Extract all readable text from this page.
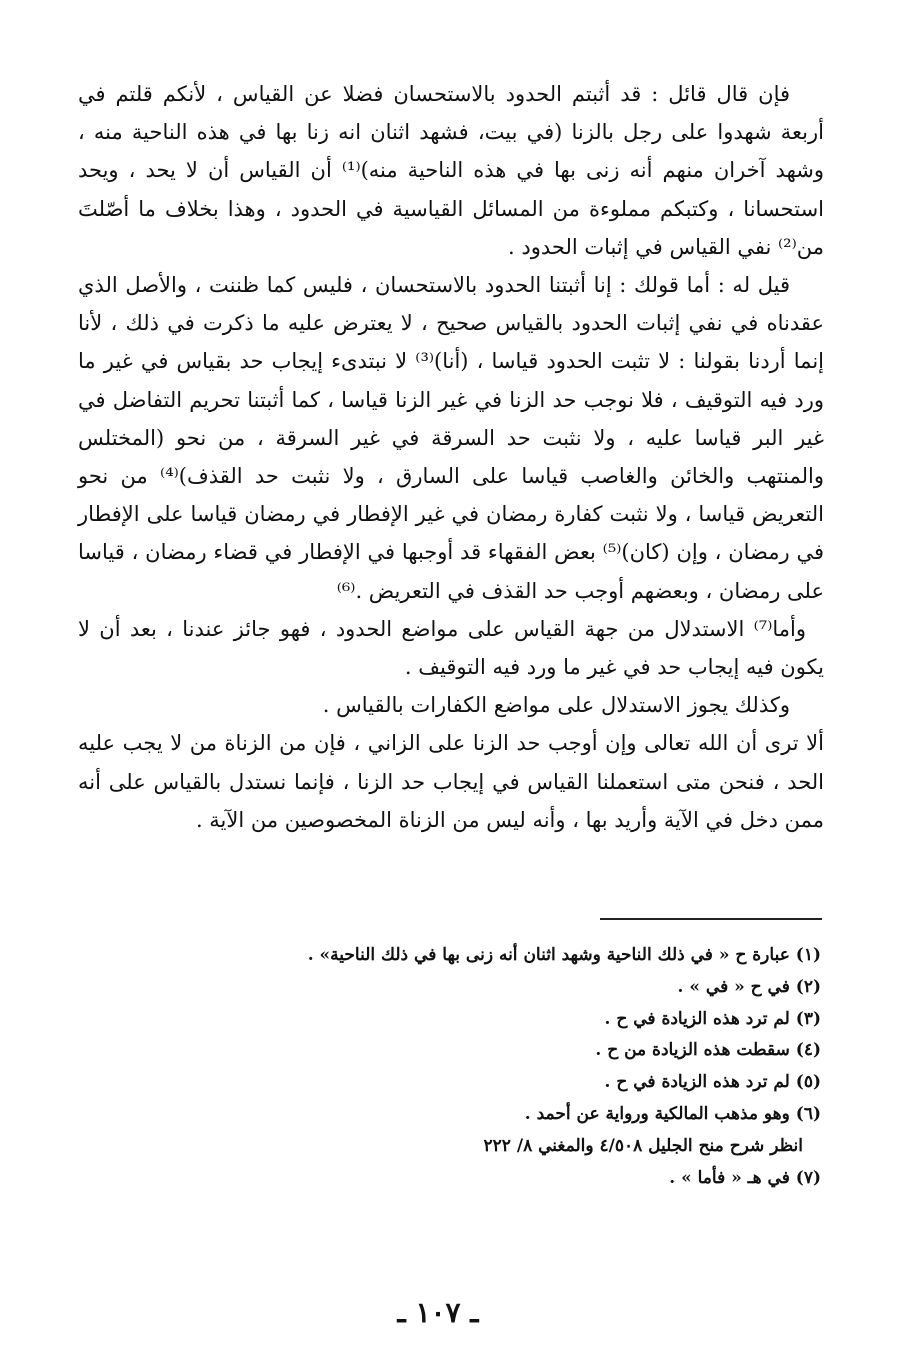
فإن قال قائل : قد أثبتم الحدود بالاستحسان فضلا عن القياس ، لأنكم قلتم في أربعة شهدوا على رجل بالزنا (في بيت، فشهد اثنان انه زنا بها في هذه الناحية منه ، وشهد آخران منهم أنه زنى بها في هذه الناحية منه)⁽¹⁾ أن القياس أن لا يحد ، ويحد استحسانا ، وكتبكم مملوءة من المسائل القياسية في الحدود ، وهذا بخلاف ما أصّلتَ من⁽²⁾ نفي القياس في إثبات الحدود .

قيل له : أما قولك : إنا أثبتنا الحدود بالاستحسان ، فليس كما ظننت ، والأصل الذي عقدناه في نفي إثبات الحدود بالقياس صحيح ، لا يعترض عليه ما ذكرت في ذلك ، لأنا إنما أردنا بقولنا : لا تثبت الحدود قياسا ، (أنا)⁽³⁾ لا نبتدىء إيجاب حد بقياس في غير ما ورد فيه التوقيف ، فلا نوجب حد الزنا في غير الزنا قياسا ، كما أثبتنا تحريم التفاضل في غير البر قياسا عليه ، ولا نثبت حد السرقة في غير السرقة ، من نحو (المختلس والمنتهب والخائن والغاصب قياسا على السارق ، ولا نثبت حد القذف)⁽⁴⁾ من نحو التعريض قياسا ، ولا نثبت كفارة رمضان في غير الإفطار في رمضان قياسا على الإفطار في رمضان ، وإن (كان)⁽⁵⁾ بعض الفقهاء قد أوجبها في الإفطار في قضاء رمضان ، قياسا على رمضان ، وبعضهم أوجب حد القذف في التعريض .⁽⁶⁾

وأما⁽⁷⁾ الاستدلال من جهة القياس على مواضع الحدود ، فهو جائز عندنا ، بعد أن لا يكون فيه إيجاب حد في غير ما ورد فيه التوقيف .

وكذلك يجوز الاستدلال على مواضع الكفارات بالقياس .

ألا ترى أن الله تعالى وإن أوجب حد الزنا على الزاني ، فإن من الزناة من لا يجب عليه الحد ، فنحن متى استعملنا القياس في إيجاب حد الزنا ، فإنما نستدل بالقياس على أنه ممن دخل في الآية وأريد بها ، وأنه ليس من الزناة المخصوصين من الآية .

(١) عبارة ح « في ذلك الناحية وشهد اثنان أنه زنى بها في ذلك الناحية» .
(٢) في ح « في » .
(٣) لم ترد هذه الزيادة في ح .
(٤) سقطت هذه الزيادة من ح .
(٥) لم ترد هذه الزيادة في ح .
(٦) وهو مذهب المالكية ورواية عن أحمد .
انظر شرح منح الجليل ٤/٥٠٨ والمغني ٨/ ٢٢٢
(٧) في هـ « فأما » .
ـ ١٠٧ ـ
